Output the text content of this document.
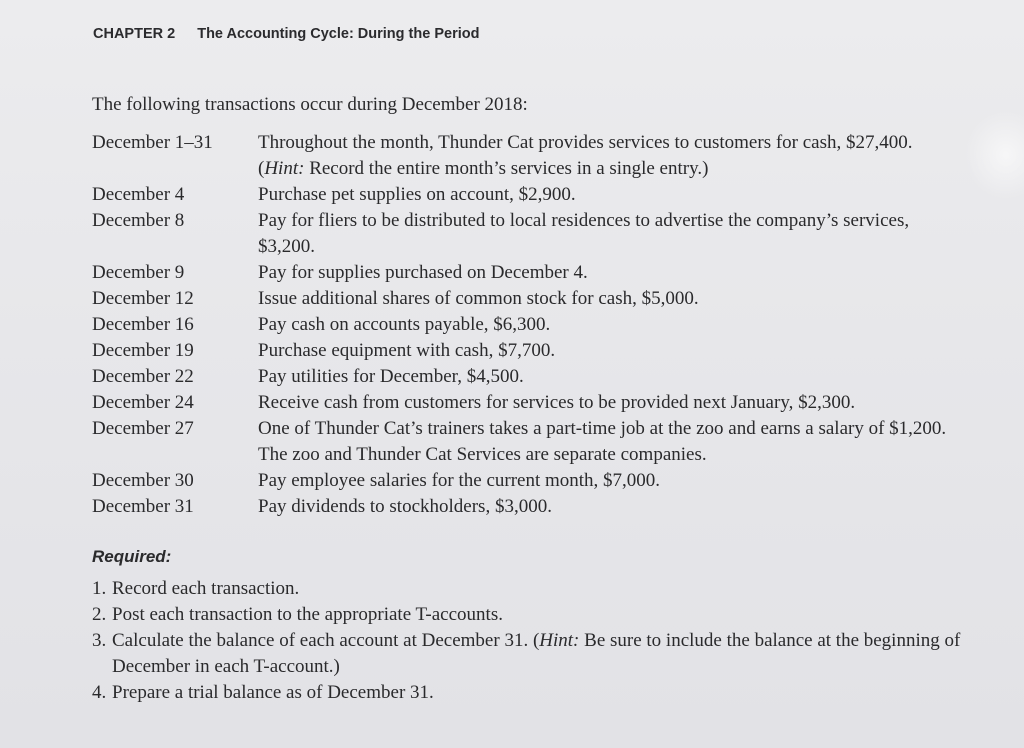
CHAPTER 2 The Accounting Cycle: During the Period

The following transactions occur during December 2018:

December 1–31	Throughout the month, Thunder Cat provides services to customers for cash, $27,400. (Hint: Record the entire month’s services in a single entry.)
December 4	Purchase pet supplies on account, $2,900.
December 8	Pay for fliers to be distributed to local residences to advertise the company’s services, $3,200.
December 9	Pay for supplies purchased on December 4.
December 12	Issue additional shares of common stock for cash, $5,000.
December 16	Pay cash on accounts payable, $6,300.
December 19	Purchase equipment with cash, $7,700.
December 22	Pay utilities for December, $4,500.
December 24	Receive cash from customers for services to be provided next January, $2,300.
December 27	One of Thunder Cat’s trainers takes a part-time job at the zoo and earns a salary of $1,200. The zoo and Thunder Cat Services are separate companies.
December 30	Pay employee salaries for the current month, $7,000.
December 31	Pay dividends to stockholders, $3,000.
Required:
1. Record each transaction.
2. Post each transaction to the appropriate T-accounts.
3. Calculate the balance of each account at December 31. (Hint: Be sure to include the balance at the beginning of December in each T-account.)
4. Prepare a trial balance as of December 31.
